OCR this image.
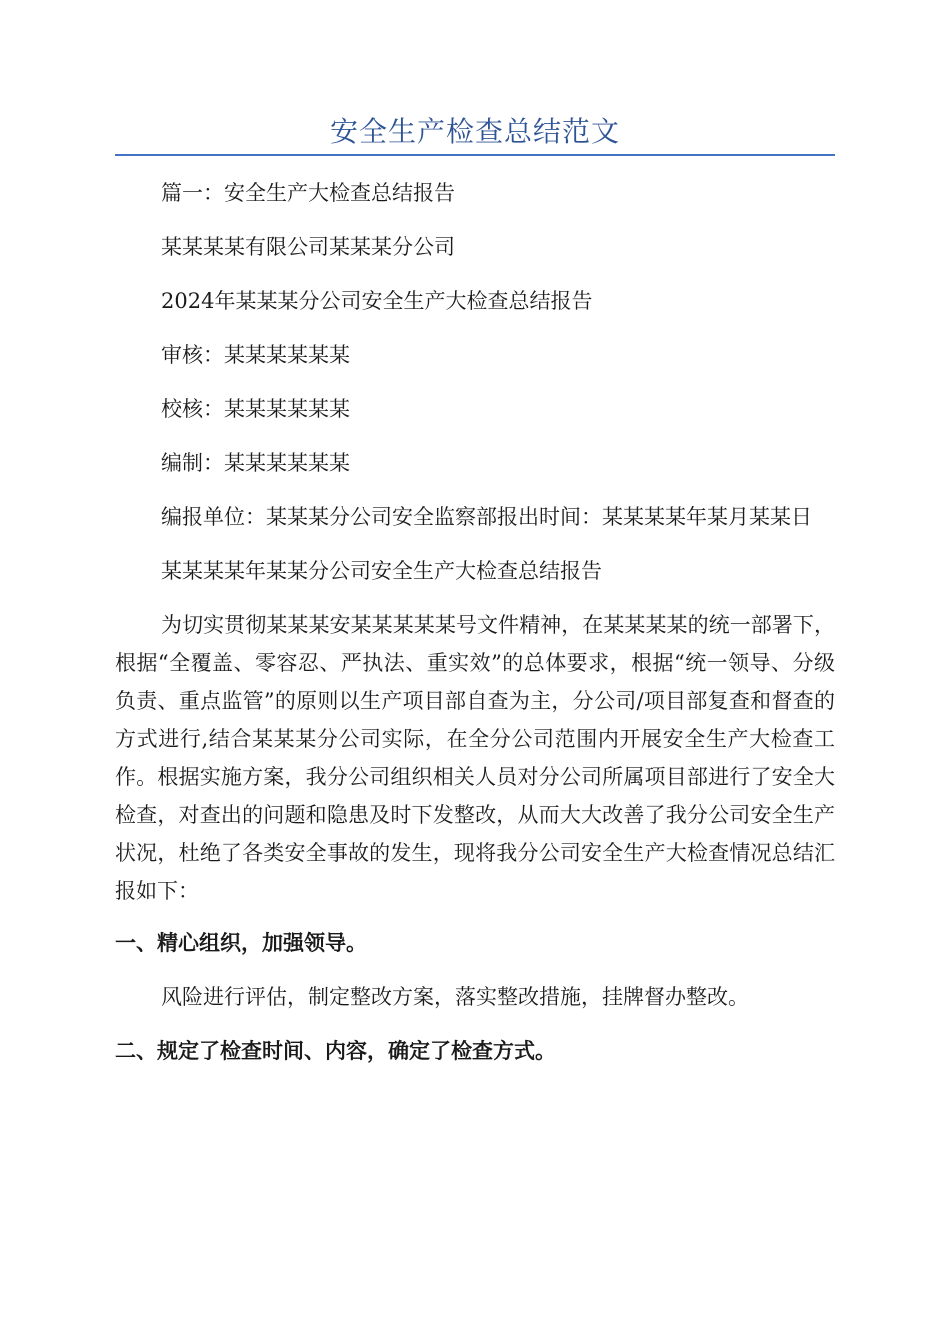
安全生产检查总结范文

篇一：安全生产大检查总结报告

某某某某有限公司某某某分公司

2024年某某某分公司安全生产大检查总结报告

审核：某某某某某某

校核：某某某某某某

编制：某某某某某某

编报单位：某某某分公司安全监察部报出时间：某某某某年某月某某日

某某某某年某某分公司安全生产大检查总结报告

为切实贯彻某某某安某某某某某号文件精神，在某某某某的统一部署下，根据“全覆盖、零容忍、严执法、重实效”的总体要求，根据“统一领导、分级负责、重点监管”的原则以生产项目部自查为主，分公司/项目部复查和督查的方式进行,结合某某某分公司实际，在全分公司范围内开展安全生产大检查工作。根据实施方案，我分公司组织相关人员对分公司所属项目部进行了安全大检查，对查出的问题和隐患及时下发整改，从而大大改善了我分公司安全生产状况，杜绝了各类安全事故的发生，现将我分公司安全生产大检查情况总结汇报如下：

一、精心组织，加强领导。

风险进行评估，制定整改方案，落实整改措施，挂牌督办整改。

二、规定了检查时间、内容，确定了检查方式。
